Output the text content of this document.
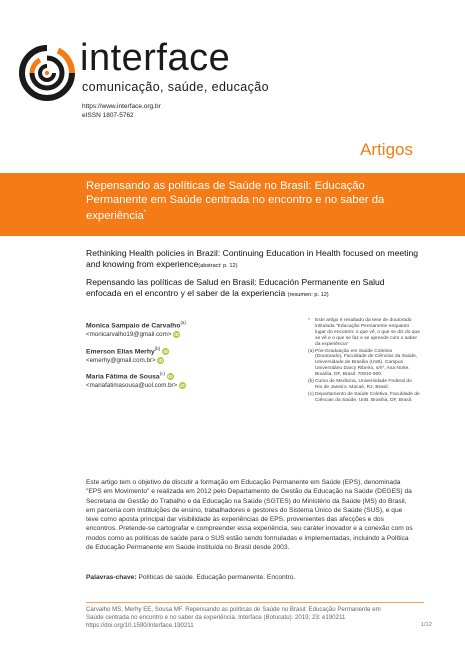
interface
comunicação, saúde, educação
https://www.interface.org.br
eISSN 1807-5762
Artigos
Repensando as políticas de Saúde no Brasil: Educação Permanente em Saúde centrada no encontro e no saber da experiência*
Rethinking Health policies in Brazil: Continuing Education in Health focused on meeting and knowing from experience(abstract: p. 12)
Repensando las políticas de Salud en Brasil: Educación Permanente en Salud enfocada en el encontro y el saber de la experiencia (resumen: p. 12)
Monica Sampaio de Carvalho$^{(a)}$
<monicarvalho19@gmail.com> iD
Emerson Elias Merhy$^{(b)}$ iD
<emerhy@gmail.com.br> iD
Maria Fátima de Sousa$^{(c)}$ iD
<mariafatimasousa@uol.com.br> iD
*	Este artigo é resultado da tese de doutorado intitulada "Educação Permanente enquanto lugar do encontro: o que vê, o que se diz do que se vê e o que se faz e se aprende com o saber da experiência"
(a) Pós-Graduação em Saúde Coletiva (Doutorado), Faculdade de Ciências da Saúde, Universidade de Brasília (UnB). Campus Universitário Darcy Ribeiro, s/nº, Asa Norte. Brasília, DF, Brasil. 70910-900.
(b) Curso de Medicina, Universidade Federal do Rio de Janeiro. Macaé, RJ, Brasil.
(c) Departamento de Saúde Coletiva, Faculdade de Ciências da Saúde, UnB. Brasília, DF, Brasil.
Este artigo tem o objetivo de discutir a formação em Educação Permanente em Saúde (EPS), denominada "EPS em Movimento" e realizada em 2012 pelo Departamento de Gestão da Educação na Saúde (DEGES) da Secretaria de Gestão do Trabalho e da Educação na Saúde (SGTES) do Ministério da Saúde (MS) do Brasil, em parceria com instituições de ensino, trabalhadores e gestores do Sistema Único de Saúde (SUS), e que teve como aposta principal dar visibilidade às experiências de EPS, provenientes das afecções e dos encontros. Pretende-se cartografar e compreender essa experiência, seu caráter inovador e a conexão com os modos como as políticas de saúde para o SUS estão sendo formuladas e implementadas, incluindo a Política de Educação Permanente em Saúde instituída no Brasil desde 2003.
Palavras-chave: Políticas de saúde. Educação permanente. Encontro.
Carvalho MS, Merhy EE, Sousa MF. Repensando as políticas de Saúde no Brasil: Educação Permanente em Saúde centrada no encontro e no saber da experiência. Interface (Botucatu). 2019; 23: e190211 https://doi.org/10.1590/Interface.190211	1/12
